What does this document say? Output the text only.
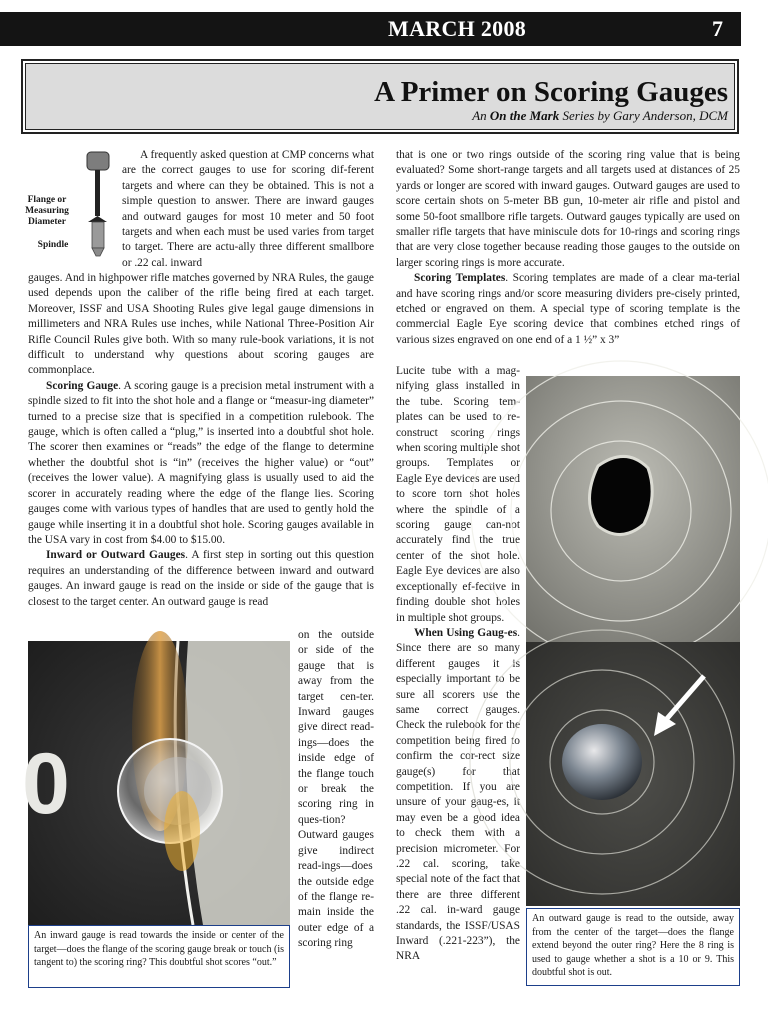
MARCH 2008	7
A Primer on Scoring Gauges
An On the Mark Series by Gary Anderson, DCM
Flange or Measuring Diameter
Spindle

A frequently asked question at CMP concerns what are the correct gauges to use for scoring dif-ferent targets and where can they be obtained. This is not a simple question to answer. There are inward gauges and outward gauges for most 10 meter and 50 foot targets and when each must be used varies from target to target. There are actu-ally three different smallbore or .22 cal. inward

gauges. And in highpower rifle matches governed by NRA Rules, the gauge used depends upon the caliber of the rifle being fired at each target. Moreover, ISSF and USA Shooting Rules give legal gauge dimensions in millimeters and NRA Rules use inches, while National Three-Position Air Rifle Council Rules give both. With so many rule-book variations, it is not difficult to understand why questions about scoring gauges are commonplace.

Scoring Gauge. A scoring gauge is a precision metal instrument with a spindle sized to fit into the shot hole and a flange or “measur-ing diameter” turned to a precise size that is specified in a competition rulebook. The gauge, which is often called a “plug,” is inserted into a doubtful shot hole. The scorer then examines or “reads” the edge of the flange to determine whether the doubtful shot is “in” (receives the higher value) or “out” (receives the lower value). A magnifying glass is usually used to aid the scorer in accurately reading where the edge of the flange lies. Scoring gauges come with various types of handles that are used to gently hold the gauge while inserting it in a doubtful shot hole. Scoring gauges available in the USA vary in cost from $4.00 to $15.00.

Inward or Outward Gauges. A first step in sorting out this question requires an understanding of the difference between inward and outward gauges. An inward gauge is read on the inside or side of the gauge that is closest to the target center. An outward gauge is read

0

on the outside or side of the gauge that is away from the target cen-ter. Inward gauges give direct read-ings—does the inside edge of the flange touch or break the scoring ring in ques-tion? Outward gauges give indirect read-ings—does the outside edge of the flange re-main inside the outer edge of a scoring ring

An inward gauge is read towards the inside or center of the target—does the flange of the scoring gauge break or touch (is tangent to) the scoring ring? This doubtful shot scores “out.”

that is one or two rings outside of the scoring ring value that is being evaluated? Some short-range targets and all targets used at distances of 25 yards or longer are scored with inward gauges. Outward gauges are used to score certain shots on 5-meter BB gun, 10-meter air rifle and pistol and some 50-foot smallbore rifle targets. Outward gauges typically are used on smaller rifle targets that have miniscule dots for 10-rings and scoring rings that are very close together because reading those gauges to the outside on larger scoring rings is more accurate.

Scoring Templates. Scoring templates are made of a clear ma-terial and have scoring rings and/or score measuring dividers pre-cisely printed, etched or engraved on them. A special type of scoring template is the commercial Eagle Eye scoring device that combines etched rings of various sizes engraved on one end of a 1 ½” x 3”

Lucite tube with a mag-nifying glass installed in the tube. Scoring tem-plates can be used to re-construct scoring rings when scoring multiple shot groups. Templates or Eagle Eye devices are used to score torn shot holes where the spindle of a scoring gauge can-not accurately find the true center of the shot hole. Eagle Eye devices are also exceptionally ef-fective in finding double shot holes in multiple shot groups.

When Using Gaug-es. Since there are so many different gauges it is especially important to be sure all scorers use the same correct gauges. Check the rulebook for the competition being fired to confirm the cor-rect size gauge(s) for that competition. If you are unsure of your gaug-es, it may even be a good idea to check them with a precision micrometer. For .22 cal. scoring, take special note of the fact that there are three different .22 cal. in-ward gauge standards, the ISSF/USAS Inward (.221-223”), the NRA

An outward gauge is read to the outside, away from the center of the target—does the flange extend beyond the outer ring? Here the 8 ring is used to gauge whether a shot is a 10 or 9. This doubtful shot is out.
